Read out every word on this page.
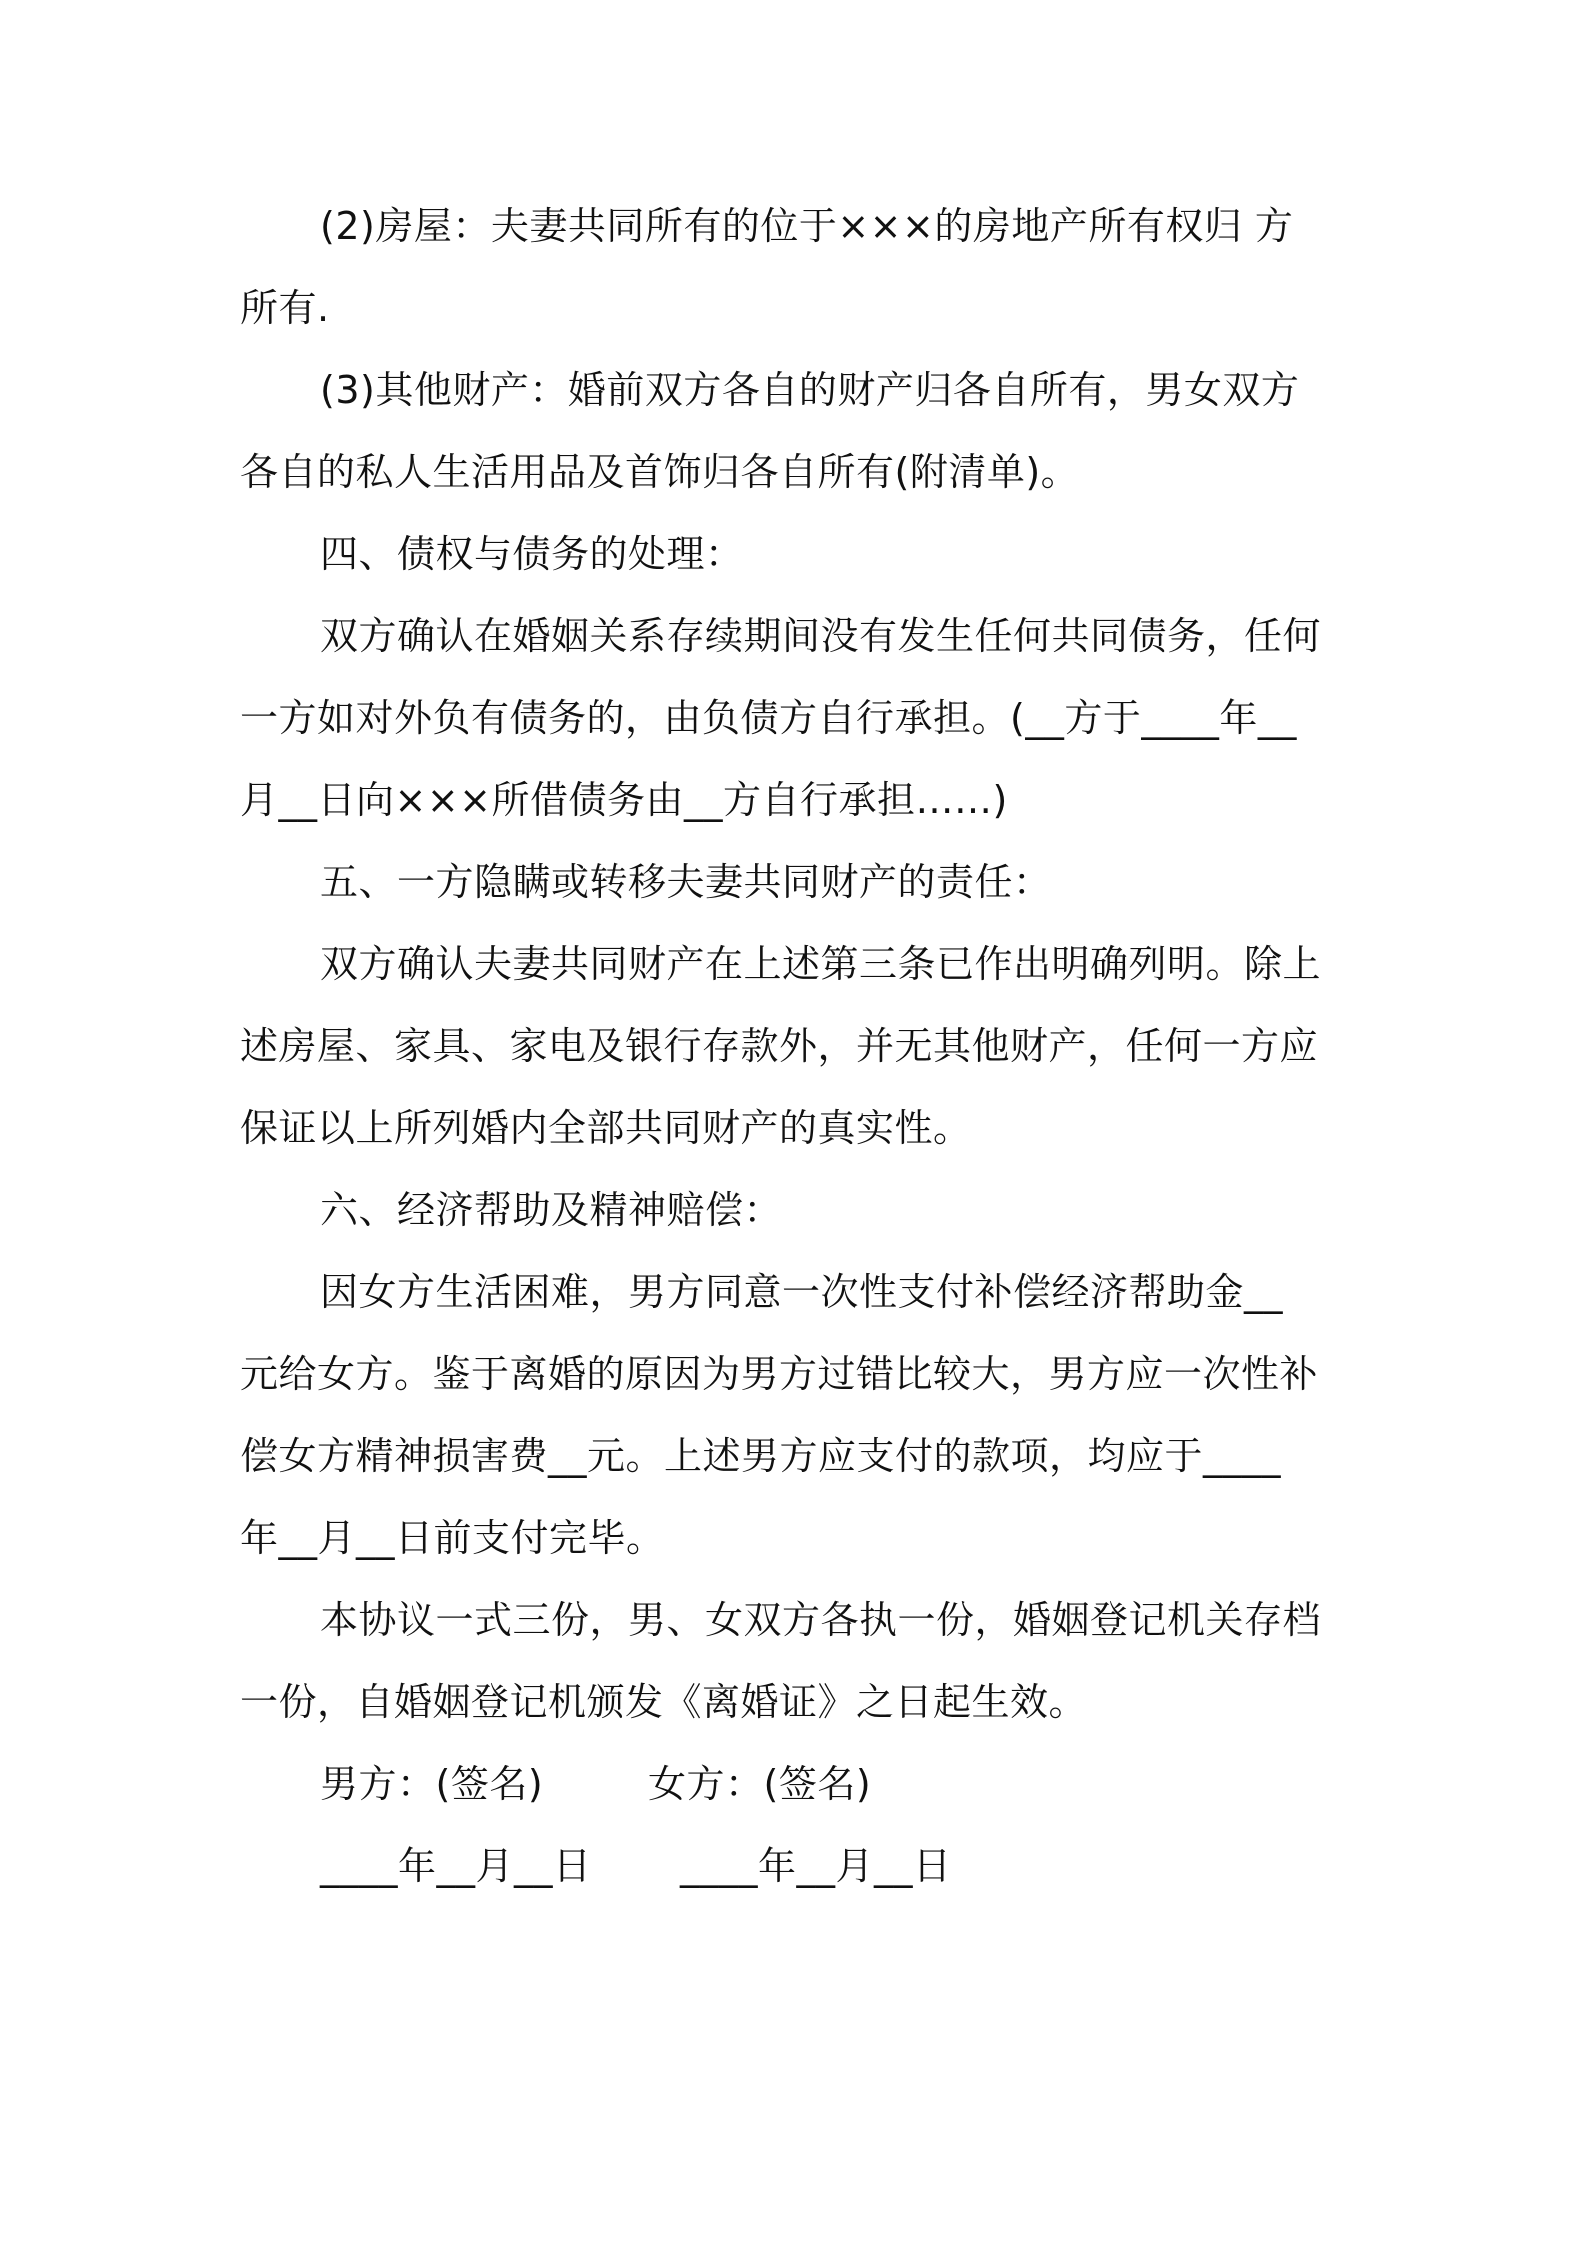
(2)房屋：夫妻共同所有的位于×××的房地产所有权归 方
所有.
(3)其他财产：婚前双方各自的财产归各自所有，男女双方
各自的私人生活用品及首饰归各自所有(附清单)。
四、债权与债务的处理：
双方确认在婚姻关系存续期间没有发生任何共同债务，任何
一方如对外负有债务的，由负债方自行承担。(__方于____年__
月__日向×××所借债务由__方自行承担……)
五、一方隐瞒或转移夫妻共同财产的责任：
双方确认夫妻共同财产在上述第三条已作出明确列明。除上
述房屋、家具、家电及银行存款外，并无其他财产，任何一方应
保证以上所列婚内全部共同财产的真实性。
六、经济帮助及精神赔偿：
因女方生活困难，男方同意一次性支付补偿经济帮助金__
元给女方。鉴于离婚的原因为男方过错比较大，男方应一次性补
偿女方精神损害费__元。上述男方应支付的款项，均应于____
年__月__日前支付完毕。
本协议一式三份，男、女双方各执一份，婚姻登记机关存档
一份，自婚姻登记机颁发《离婚证》之日起生效。
男方：(签名)	女方：(签名)
____年__月__日 ____年__月__日
